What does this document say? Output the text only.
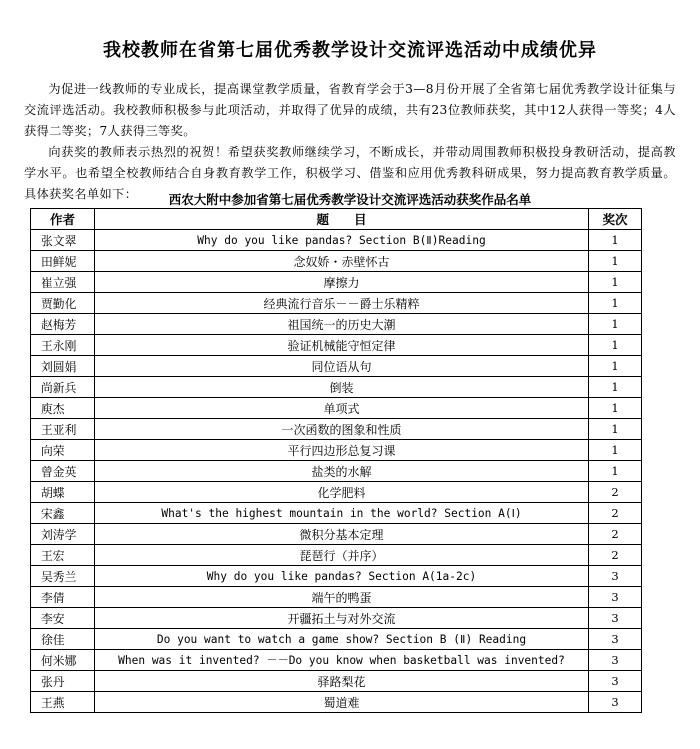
我校教师在省第七届优秀教学设计交流评选活动中成绩优异

为促进一线教师的专业成长，提高课堂教学质量，省教育学会于3—8月份开展了全省第七届优秀教学设计征集与交流评选活动。我校教师积极参与此项活动，并取得了优异的成绩，共有23位教师获奖，其中12人获得一等奖；4人获得二等奖；7人获得三等奖。

向获奖的教师表示热烈的祝贺！希望获奖教师继续学习，不断成长，并带动周围教师积极投身教研活动，提高教学水平。也希望全校教师结合自身教育教学工作，积极学习、借鉴和应用优秀教科研成果，努力提高教育教学质量。具体获奖名单如下：	西农大附中参加省第七届优秀教学设计交流评选活动获奖作品名单
作者	题　　目	奖次
张文翠	Why do you like pandas? Section B(Ⅱ)Reading	1
田鲜妮	念奴娇・赤壁怀古	1
崔立强	摩擦力	1
贾勤化	经典流行音乐－－爵士乐精粹	1
赵梅芳	祖国统一的历史大潮	1
王永刚	验证机械能守恒定律	1
刘圆娟	同位语从句	1
尚新兵	倒装	1
庾杰	单项式	1
王亚利	一次函数的图象和性质	1
向荣	平行四边形总复习课	1
曾金英	盐类的水解	1
胡蝶	化学肥料	2
宋鑫	What's the highest mountain in the world? Section A(Ⅰ)	2
刘涛学	微积分基本定理	2
王宏	琵琶行（并序）	2
吴秀兰	Why do you like pandas? Section A(1a-2c)	3
李倩	端午的鸭蛋	3
李安	开疆拓土与对外交流	3
徐佳	Do you want to watch a game show? Section B (Ⅱ) Reading	3
何米娜	When was it invented? －－Do you know when basketball was invented?	3
张丹	驿路梨花	3
王燕	蜀道难	3
